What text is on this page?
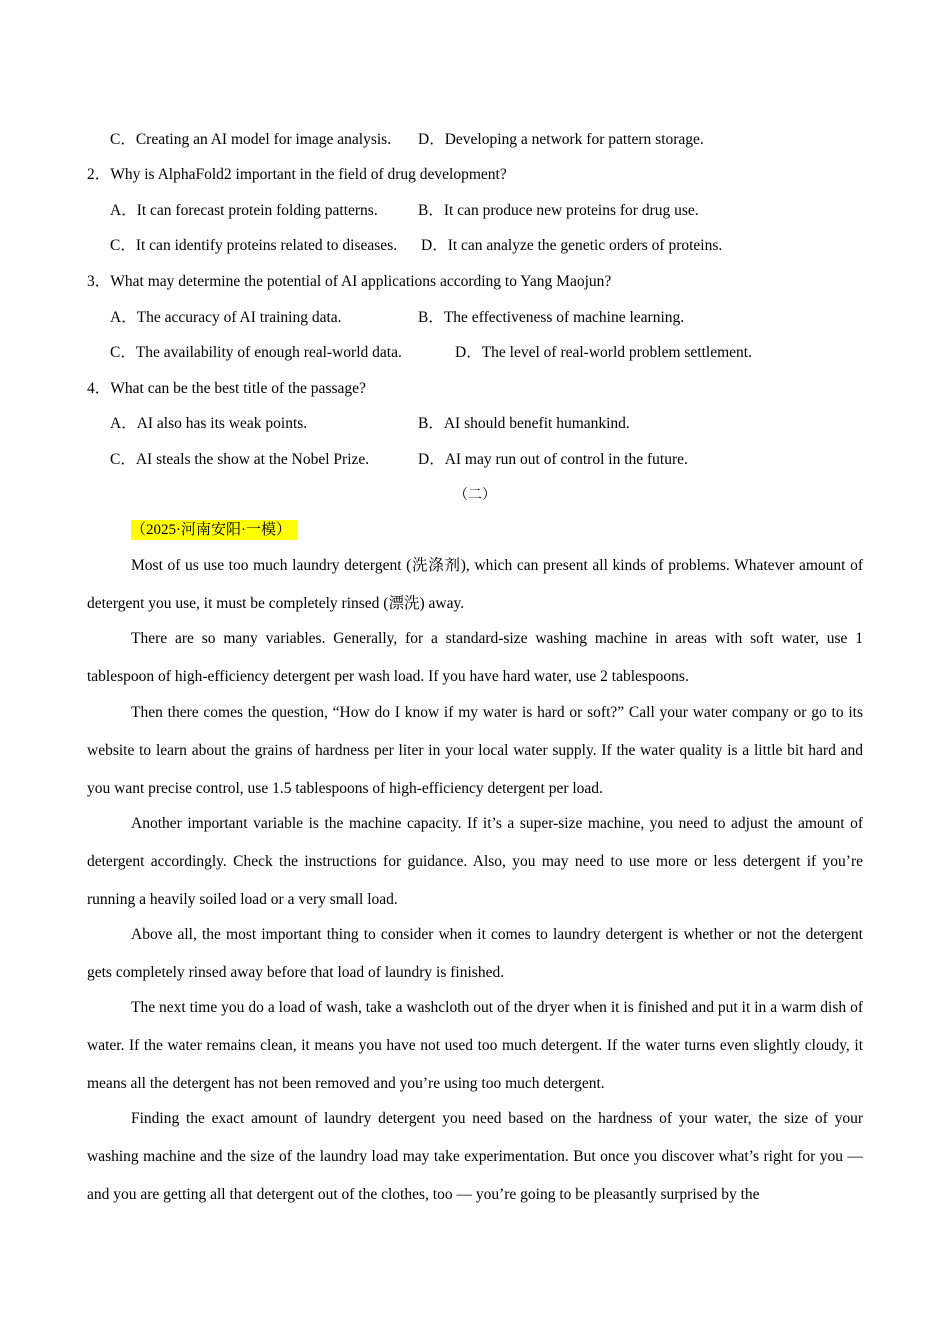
C．Creating an AI model for image analysis. D．Developing a network for pattern storage.
2．Why is AlphaFold2 important in the field of drug development?
A．It can forecast protein folding patterns.	B．It can produce new proteins for drug use.
C．It can identify proteins related to diseases. D．It can analyze the genetic orders of proteins.
3．What may determine the potential of AI applications according to Yang Maojun?
A．The accuracy of AI training data.	B．The effectiveness of machine learning.
C．The availability of enough real-world data.	D．The level of real-world problem settlement.
4．What can be the best title of the passage?
A．AI also has its weak points.	B．AI should benefit humankind.
C．AI steals the show at the Nobel Prize.	D．AI may run out of control in the future.
（二）
（2025·河南安阳·一模）
Most of us use too much laundry detergent (洗涤剂), which can present all kinds of problems. Whatever amount of detergent you use, it must be completely rinsed (漂洗) away.
There are so many variables. Generally, for a standard-size washing machine in areas with soft water, use 1 tablespoon of high-efficiency detergent per wash load. If you have hard water, use 2 tablespoons.
Then there comes the question, “How do I know if my water is hard or soft?” Call your water company or go to its website to learn about the grains of hardness per liter in your local water supply. If the water quality is a little bit hard and you want precise control, use 1.5 tablespoons of high-efficiency detergent per load.
Another important variable is the machine capacity. If it’s a super-size machine, you need to adjust the amount of detergent accordingly. Check the instructions for guidance. Also, you may need to use more or less detergent if you’re running a heavily soiled load or a very small load.
Above all, the most important thing to consider when it comes to laundry detergent is whether or not the detergent gets completely rinsed away before that load of laundry is finished.
The next time you do a load of wash, take a washcloth out of the dryer when it is finished and put it in a warm dish of water. If the water remains clean, it means you have not used too much detergent. If the water turns even slightly cloudy, it means all the detergent has not been removed and you’re using too much detergent.
Finding the exact amount of laundry detergent you need based on the hardness of your water, the size of your washing machine and the size of the laundry load may take experimentation. But once you discover what’s right for you — and you are getting all that detergent out of the clothes, too — you’re going to be pleasantly surprised by the
